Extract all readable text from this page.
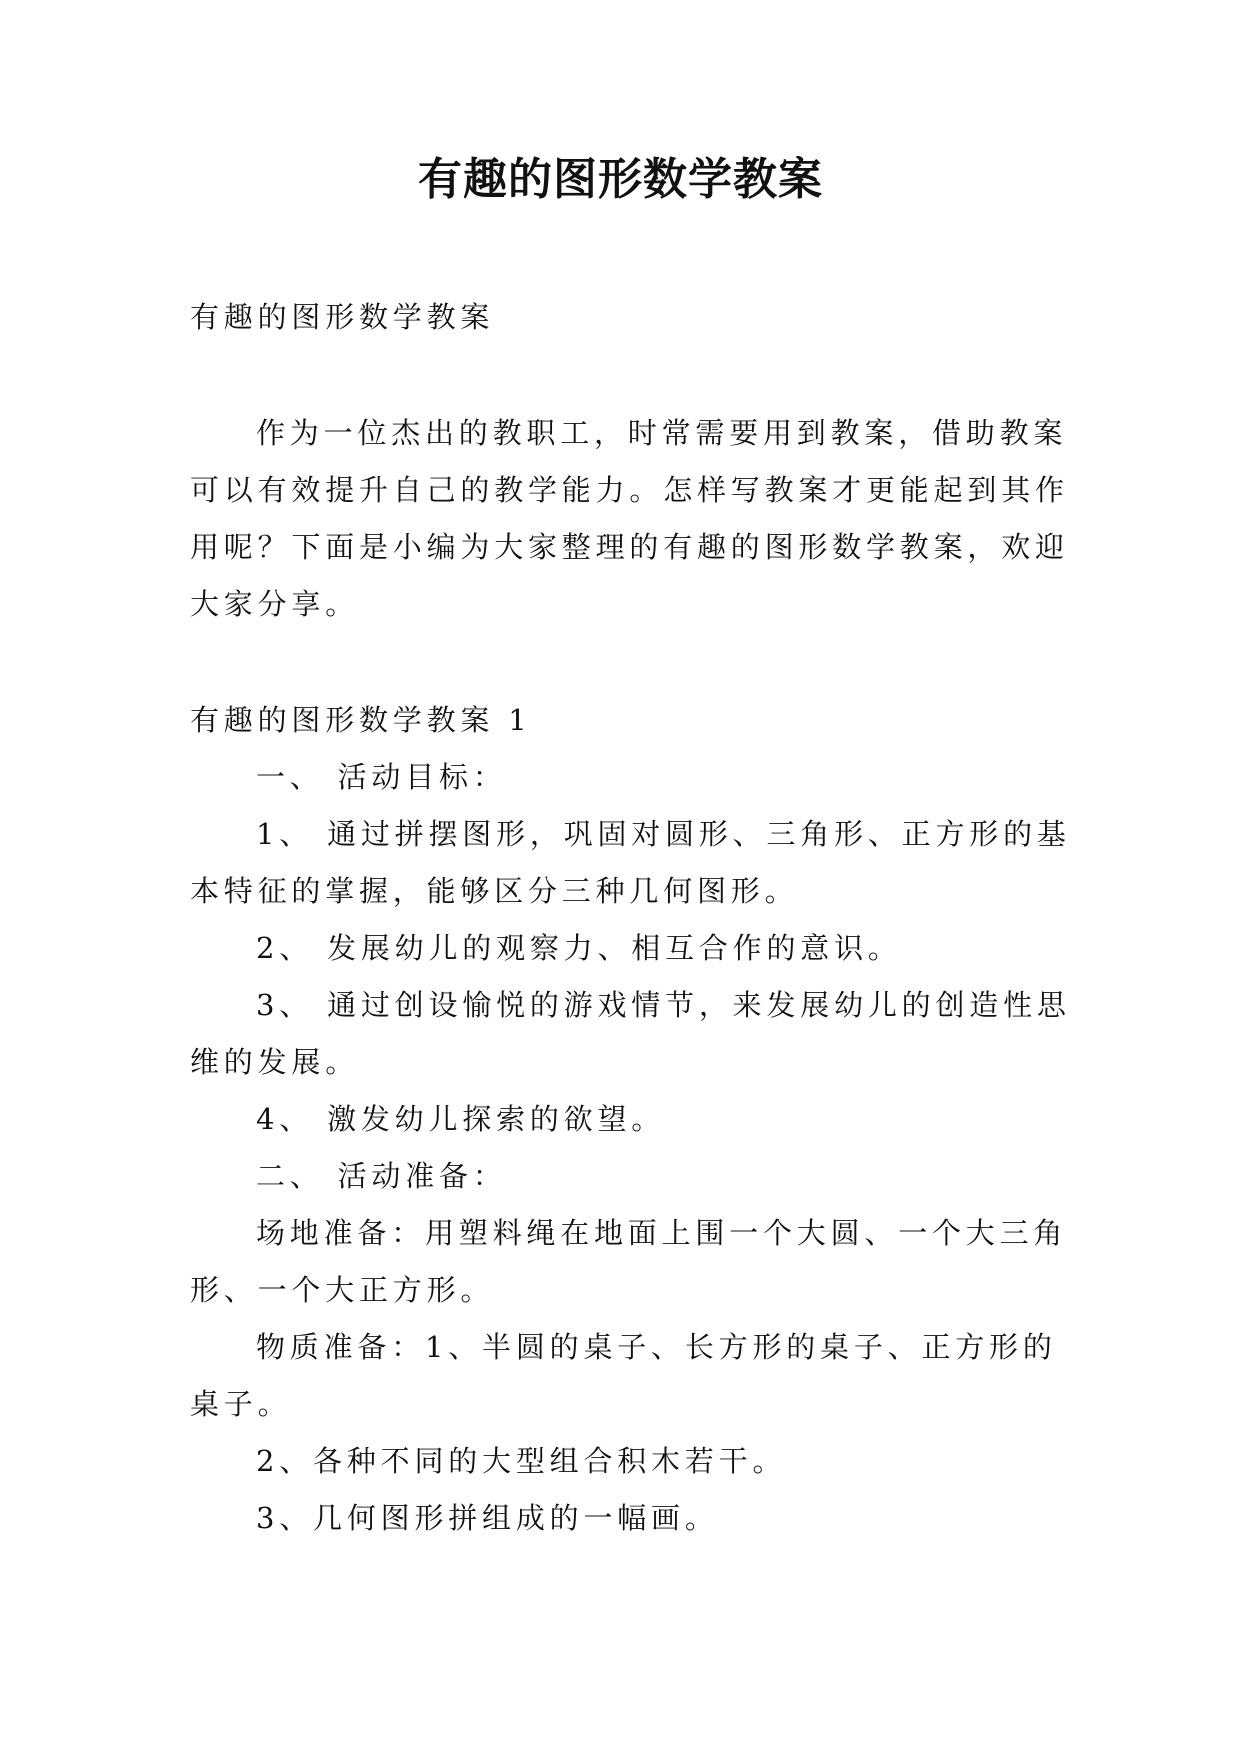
有趣的图形数学教案
有趣的图形数学教案
作为一位杰出的教职工，时常需要用到教案，借助教案
可以有效提升自己的教学能力。怎样写教案才更能起到其作
用呢？下面是小编为大家整理的有趣的图形数学教案，欢迎
大家分享。
有趣的图形数学教案 1
一、 活动目标：
1、 通过拼摆图形，巩固对圆形、三角形、正方形的基
本特征的掌握，能够区分三种几何图形。
2、 发展幼儿的观察力、相互合作的意识。
3、 通过创设愉悦的游戏情节，来发展幼儿的创造性思
维的发展。
4、 激发幼儿探索的欲望。
二、 活动准备：
场地准备：用塑料绳在地面上围一个大圆、一个大三角
形、一个大正方形。
物质准备：1、半圆的桌子、长方形的桌子、正方形的
桌子。
2、各种不同的大型组合积木若干。
3、几何图形拼组成的一幅画。
